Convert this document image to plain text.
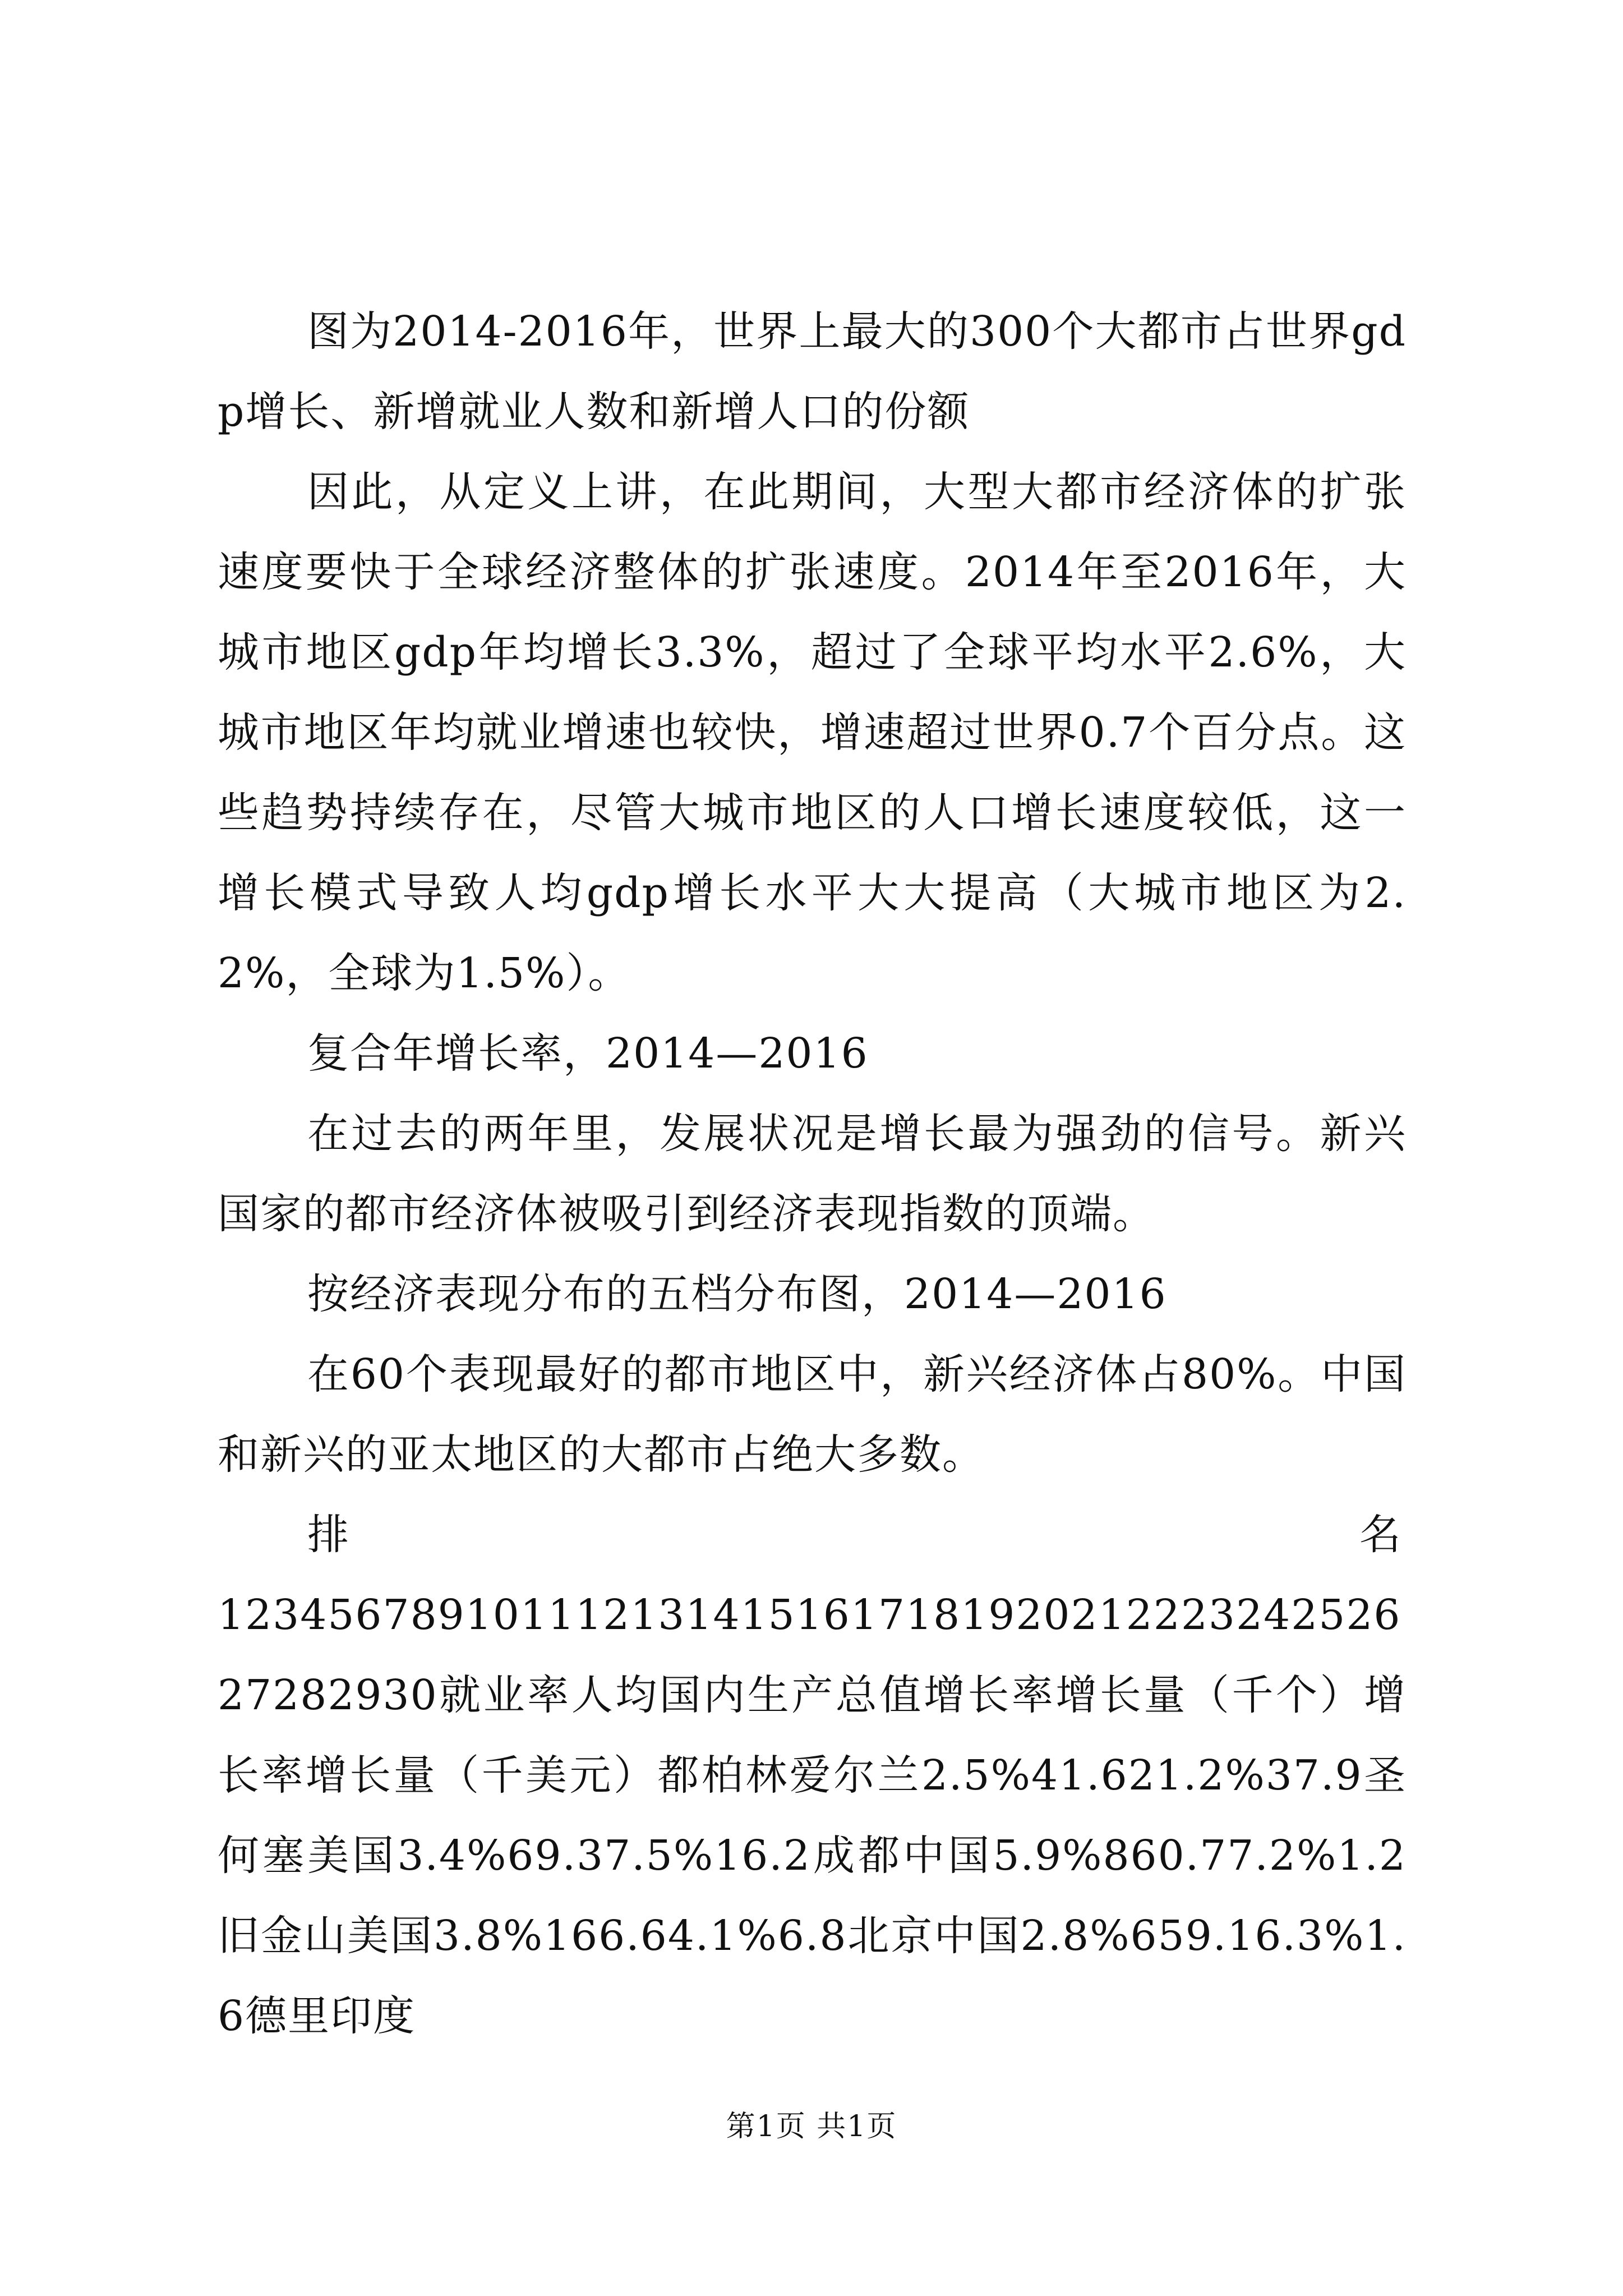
图为2014-2016年，世界上最大的300个大都市占世界gdp增长、新增就业人数和新增人口的份额

因此，从定义上讲，在此期间，大型大都市经济体的扩张速度要快于全球经济整体的扩张速度。2014年至2016年，大城市地区gdp年均增长3.3%，超过了全球平均水平2.6%，大城市地区年均就业增速也较快，增速超过世界0.7个百分点。这些趋势持续存在，尽管大城市地区的人口增长速度较低，这一增长模式导致人均gdp增长水平大大提高（大城市地区为2.2%，全球为1.5%）。

复合年增长率，2014—2016

在过去的两年里，发展状况是增长最为强劲的信号。新兴国家的都市经济体被吸引到经济表现指数的顶端。

按经济表现分布的五档分布图，2014—2016

在60个表现最好的都市地区中，新兴经济体占80%。中国和新兴的亚太地区的大都市占绝大多数。

排	名

123456789101112131415161718192021222324252627282930就业率人均国内生产总值增长率增长量（千个）增长率增长量（千美元）都柏林爱尔兰2.5%41.621.2%37.9圣何塞美国3.4%69.37.5%16.2成都中国5.9%860.77.2%1.2旧金山美国3.8%166.64.1%6.8北京中国2.8%659.16.3%1.6德里印度

第1页 共1页
